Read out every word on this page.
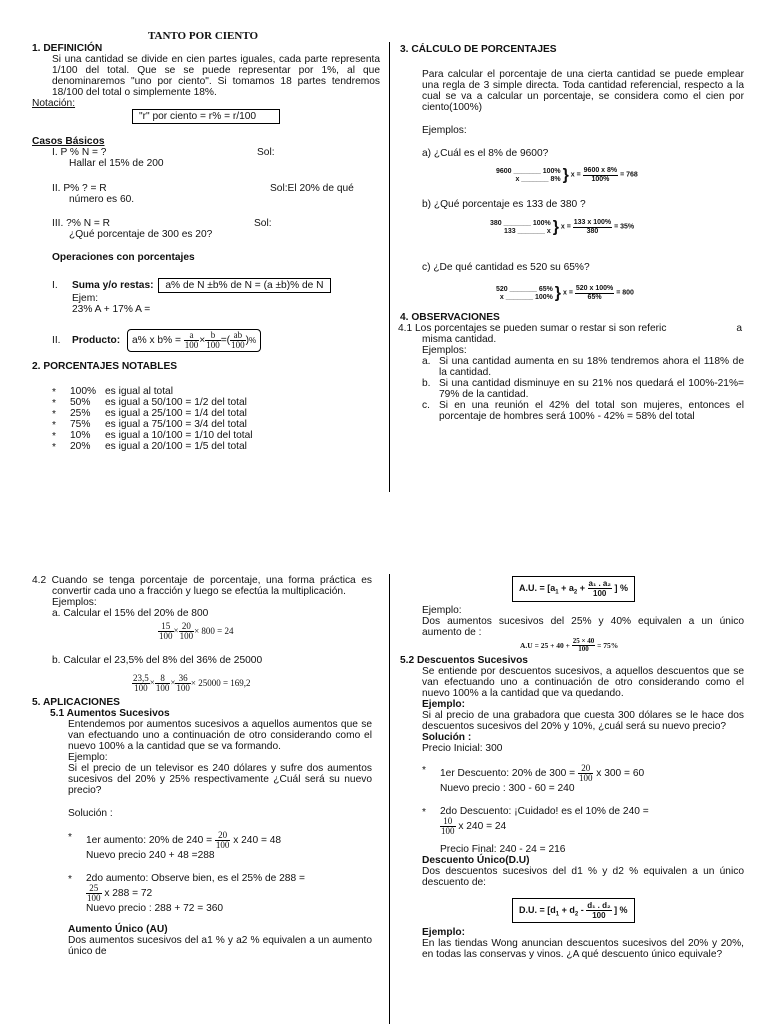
TANTO POR CIENTO
1. DEFINICIÓN
Si una cantidad se divide en cien partes iguales, cada parte representa 1/100 del total. Que se se puede representar por 1%, al que denominaremos "uno por ciento". Si tomamos 18 partes tendremos 18/100 del total o simplemente 18%.
Notación:
"r" por ciento = r% = r/100
Casos Básicos
I. P % N = ?	Sol:
Hallar el 15% de 200
II. P% ? = R	Sol:El 20% de qué
número es 60.
III. ?% N = R	Sol:
¿Qué porcentaje de 300 es 20?
Operaciones con porcentajes
I. Suma y/o restas: a% de N ±b% de N = (a ±b)% de N
Ejem:
23% A + 17% A =
II. Producto: a% x $b\% = \frac{a}{100} \times \frac{b}{100}$ =( $\frac{ab}{100}$ )%
2. PORCENTAJES NOTABLES
* 100% es igual al total
* 50% es igual a 50/100 = 1/2 del total
* 25% es igual a 25/100 = 1/4 del total
* 75% es igual a 75/100 = 3/4 del total
* 10% es igual a 10/100 = 1/10 del total
* 20% es igual a 20/100 = 1/5 del total
3. CÁLCULO DE PORCENTAJES
Para calcular el porcentaje de una cierta cantidad se puede emplear una regla de 3 simple directa. Toda cantidad referencial, respecto a la cual se va a calcular un porcentaje, se considera como el cien por ciento(100%)
Ejemplos:
a) ¿Cuál es el 8% de 9600?
9600 _______ 100%
x _______ 8% } $x = \frac{9600 x 8\%}{100\%} = 768$
b) ¿Qué porcentaje es 133 de 380 ?
380 _______ 100%
133 _______ x } $x = \frac{133 x 100\%}{380} = 35\%$
c) ¿De qué cantidad es 520 su 65%?
520 _______ 65%
x _______ 100% } $x = \frac{520 x 100\%}{65\%} = 800$
4. OBSERVACIONES
4.1 Los porcentajes se pueden sumar o restar si son referic	a
misma cantidad.
Ejemplos:
a. Si una cantidad aumenta en su 18% tendremos ahora el 118% de la cantidad.
b. Si una cantidad disminuye en su 21% nos quedará el 100%-21%= 79% de la cantidad.
c. Si en una reunión el 42% del total son mujeres, entonces el porcentaje de hombres será 100% - 42% = 58% del total
4.2 Cuando se tenga porcentaje de porcentaje, una forma práctica es convertir cada uno a fracción y luego se efectúa la multiplicación.
Ejemplos:
a. Calcular el 15% del 20% de 800
$\frac{15}{100} \times \frac{20}{100} \times 800 = 24$
b. Calcular el 23,5% del 8% del 36% de 25000
$\frac{23,5}{100} \times \frac{8}{100} \times \frac{36}{100} \times 25000 = 169,2$
5. APLICACIONES
5.1 Aumentos Sucesivos
Entendemos por aumentos sucesivos a aquellos aumentos que se van efectuando uno a continuación de otro considerando como el nuevo 100% a la cantidad que se va formando.
Ejemplo:
Si el precio de un televisor es 240 dólares y sufre dos aumentos sucesivos del 20% y 25% respectivamente ¿Cuál será su nuevo precio?
Solución :
* 1er aumento: 20% de $240 = \frac{20}{100}$ x 240 = 48
Nuevo precio 240 + 48 =288
* 2do aumento: Observe bien, es el 25% de 288 =
$\frac{25}{100}$ x 288 = 72
Nuevo precio : 288 + 72 = 360
Aumento Único (AU)
Dos aumentos sucesivos del a1 % y a2 % equivalen a un aumento único de
A.U. = [$a_1 + a_2 + \frac{\text{a₁ . a₂}}{100}$ ] %
Ejemplo:
Dos aumentos sucesivos del 25% y 40% equivalen a un único aumento de :
$A.U = 25 + 40 + \frac{25 \times 40}{100} = 75\%$
5.2 Descuentos Sucesivos
Se entiende por descuentos sucesivos, a aquellos descuentos que se van efectuando uno a continuación de otro considerando como el nuevo 100% a la cantidad que va quedando.
Ejemplo:
Si al precio de una grabadora que cuesta 300 dólares se le hace dos descuentos sucesivos del 20% y 10%, ¿cuál será su nuevo precio?
Solución :
Precio Inicial: 300
* 1er Descuento: 20% de $300 = \frac{20}{100}$ x 300 = 60
Nuevo precio : 300 - 60 = 240
* 2do Descuento: ¡Cuidado! es el 10% de 240 =
$\frac{10}{100}$ x 240 = 24
Precio Final: 240 - 24 = 216
Descuento Único(D.U)
Dos descuentos sucesivos del d1 % y d2 % equivalen a un único descuento de:
D.U. = [$d_1 + d_2 - \frac{\text{d₁ . d₂}}{100}$ ] %
Ejemplo:
En las tiendas Wong anuncian descuentos sucesivos del 20% y 20%, en todas las conservas y vinos. ¿A qué descuento único equivale?
